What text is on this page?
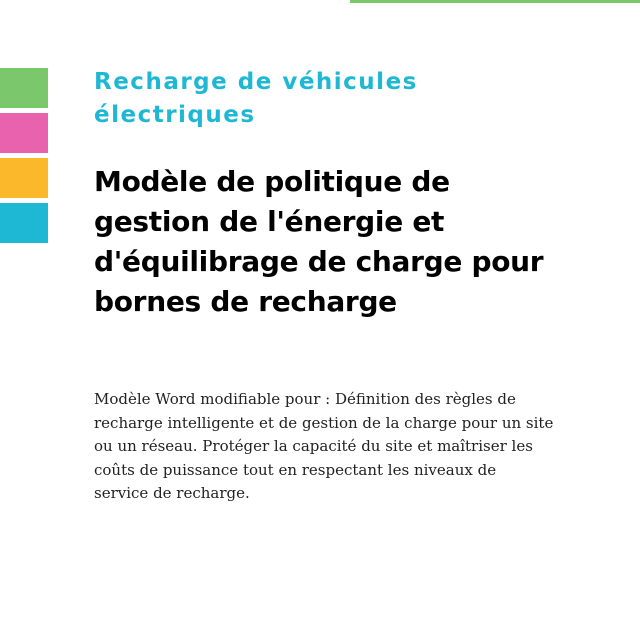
Recharge de véhicules électriques
Modèle de politique de gestion de l'énergie et d'équilibrage de charge pour bornes de recharge

Modèle Word modifiable pour : Définition des règles de recharge intelligente et de gestion de la charge pour un site ou un réseau. Protéger la capacité du site et maîtriser les coûts de puissance tout en respectant les niveaux de service de recharge.
